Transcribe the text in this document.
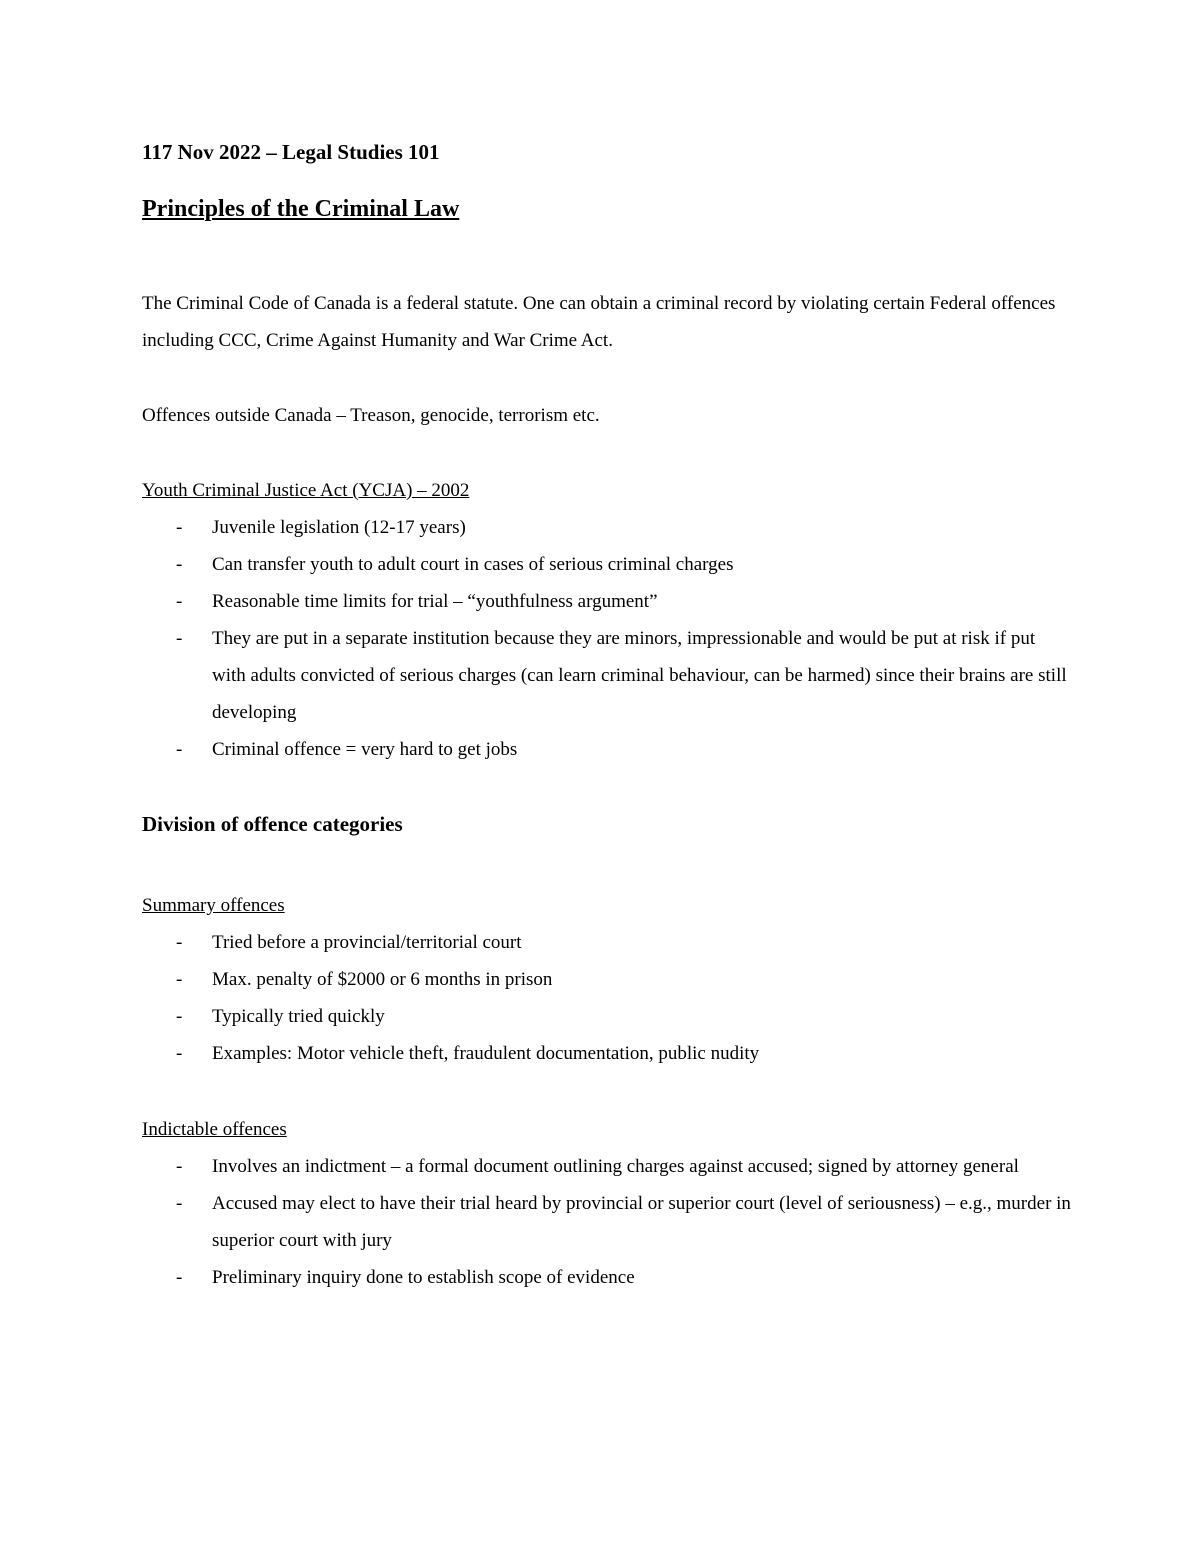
117 Nov 2022 – Legal Studies 101
Principles of the Criminal Law
The Criminal Code of Canada is a federal statute. One can obtain a criminal record by violating certain Federal offences including CCC, Crime Against Humanity and War Crime Act.
Offences outside Canada – Treason, genocide, terrorism etc.
Youth Criminal Justice Act (YCJA) – 2002
- Juvenile legislation (12-17 years)
- Can transfer youth to adult court in cases of serious criminal charges
- Reasonable time limits for trial – “youthfulness argument”
- They are put in a separate institution because they are minors, impressionable and would be put at risk if put with adults convicted of serious charges (can learn criminal behaviour, can be harmed) since their brains are still developing
- Criminal offence = very hard to get jobs
Division of offence categories
Summary offences
- Tried before a provincial/territorial court
- Max. penalty of $2000 or 6 months in prison
- Typically tried quickly
- Examples: Motor vehicle theft, fraudulent documentation, public nudity
Indictable offences
- Involves an indictment – a formal document outlining charges against accused; signed by attorney general
- Accused may elect to have their trial heard by provincial or superior court (level of seriousness) – e.g., murder in superior court with jury
- Preliminary inquiry done to establish scope of evidence
